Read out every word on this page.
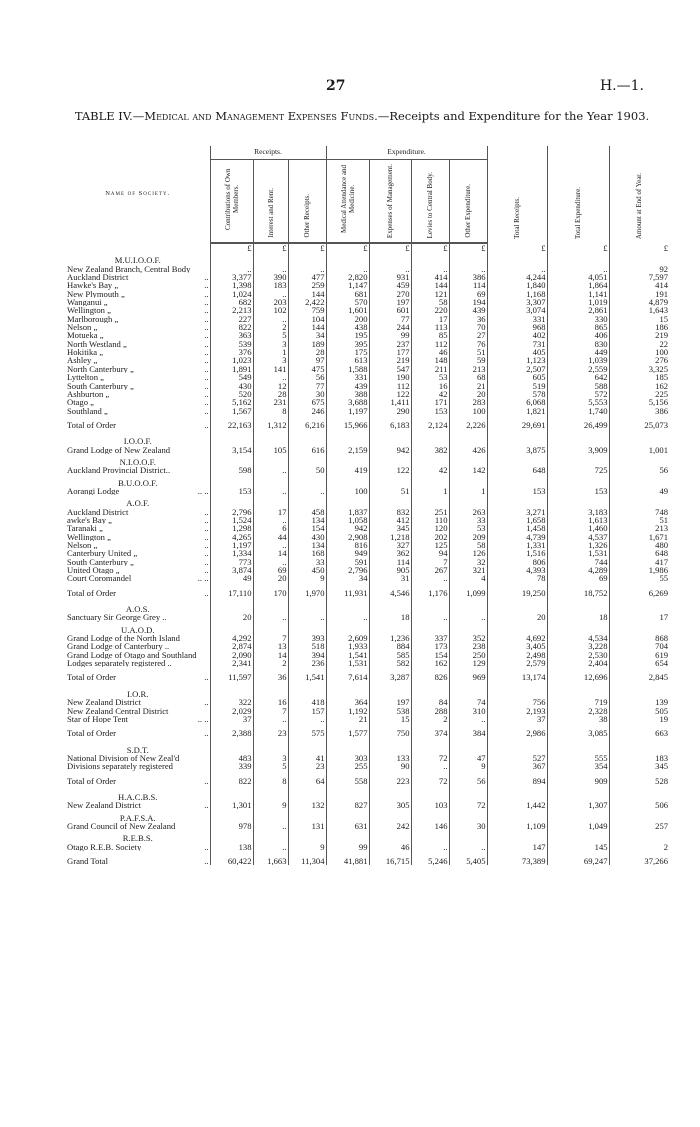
27	H.—1.
TABLE IV.—Medical and Management Expenses Funds.—Receipts and Expenditure for the Year 1903.
Name of Society.	Receipts.			Expenditure.				Total Receipts.	Total Expenditure.	Amount at End of Year.

	Contributions of Own Members.	Interest and Rent.	Other Receipts.	Medical Attendance and Medicine.	Expenses of Management.	Levies to Central Body.	Other Expenditure.			

	£	£	£	£	£	£	£	£	£	£
M.U.I.O.O.F.										
New Zealand Branch, Central Body	..	..	..	..	..	..	..	..	..	92
Auckland District ..	3,377	390	477	2,820	931	414	386	4,244	4,051	7,597
Hawke's Bay „ ..	1,398	183	259	1,147	459	144	114	1,840	1,864	414
New Plymouth „ ..	1,024	..	144	681	270	121	69	1,168	1,141	191
Wanganui „ ..	682	203	2,422	570	197	58	194	3,307	1,019	4,879
Wellington „ ..	2,213	102	759	1,601	601	220	439	3,074	2,861	1,643
Marlborough „ ..	227	..	104	200	77	17	36	331	330	15
Nelson „ ..	822	2	144	438	244	113	70	968	865	186
Motueka „ ..	363	5	34	195	99	85	27	402	406	219
North Westland „ ..	539	3	189	395	237	112	76	731	830	22
Hokitika „ ..	376	1	28	175	177	46	51	405	449	100
Ashley „ ..	1,023	3	97	613	219	148	59	1,123	1,039	276
North Canterbury „ ..	1,891	141	475	1,588	547	211	213	2,507	2,559	3,325
Lyttelton „ ..	549	..	56	331	190	53	68	605	642	185
South Canterbury „ ..	430	12	77	439	112	16	21	519	588	162
Ashburton „ ..	520	28	30	388	122	42	20	578	572	225
Otago „ ..	5,162	231	675	3,688	1,411	171	283	6,068	5,553	5,156
Southland „ ..	1,567	8	246	1,197	290	153	100	1,821	1,740	386
Total of Order ..	22,163	1,312	6,216	15,966	6,183	2,124	2,226	29,691	26,499	25,073
I.O.O.F.										
Grand Lodge of New Zealand	3,154	105	616	2,159	942	382	426	3,875	3,909	1,001
N.I.O.O.F.										
Auckland Provincial District..	598	..	50	419	122	42	142	648	725	56
B.U.O.O.F.										
Aorangi Lodge .. ..	153	..	..	100	51	1	1	153	153	49
A.O.F.										
Auckland District ..	2,796	17	458	1,837	832	251	263	3,271	3,183	748
awke's Bay „ ..	1,524	..	134	1,058	412	110	33	1,658	1,613	51
Taranaki „ ..	1,298	6	154	942	345	120	53	1,458	1,460	213
Wellington „ ..	4,265	44	430	2,908	1,218	202	209	4,739	4,537	1,671
Nelson „ ..	1,197	..	134	816	327	125	58	1,331	1,326	480
Canterbury United „ ..	1,334	14	168	949	362	94	126	1,516	1,531	648
South Canterbury „ ..	773	..	33	591	114	7	32	806	744	417
United Otago „ ..	3,874	69	450	2,796	905	267	321	4,393	4,289	1,986
Court Coromandel .. ..	49	20	9	34	31	..	4	78	69	55
Total of Order ..	17,110	170	1,970	11,931	4,546	1,176	1,099	19,250	18,752	6,269
A.O.S.										
Sanctuary Sir George Grey ..	20	..	..	..	18	..	..	20	18	17
U.A.O.D.										
Grand Lodge of the North Island	4,292	7	393	2,609	1,236	337	352	4,692	4,534	868
Grand Lodge of Canterbury ..	2,874	13	518	1,933	884	173	238	3,405	3,228	704
Grand Lodge of Otago and Southland	2,090	14	394	1,541	585	154	250	2,498	2,530	619
Lodges separately registered ..	2,341	2	236	1,531	582	162	129	2,579	2,404	654
Total of Order ..	11,597	36	1,541	7,614	3,287	826	969	13,174	12,696	2,845
I.O.R.										
New Zealand District ..	322	16	418	364	197	84	74	756	719	139
New Zealand Central District	2,029	7	157	1,192	538	288	310	2,193	2,328	505
Star of Hope Tent .. ..	37	..	..	21	15	2	..	37	38	19
Total of Order ..	2,388	23	575	1,577	750	374	384	2,986	3,085	663
S.D.T.										
National Division of New Zeal'd	483	3	41	303	133	72	47	527	555	183
Divisions separately registered	339	5	23	255	90	..	9	367	354	345
Total of Order ..	822	8	64	558	223	72	56	894	909	528
H.A.C.B.S.										
New Zealand District ..	1,301	9	132	827	305	103	72	1,442	1,307	506
P.A.F.S.A.										
Grand Council of New Zealand	978	..	131	631	242	146	30	1,109	1,049	257
R.E.B.S.										
Otago R.E.B. Society ..	138	..	9	99	46	..	..	147	145	2
Grand Total ..	60,422	1,663	11,304	41,881	16,715	5,246	5,405	73,389	69,247	37,266
